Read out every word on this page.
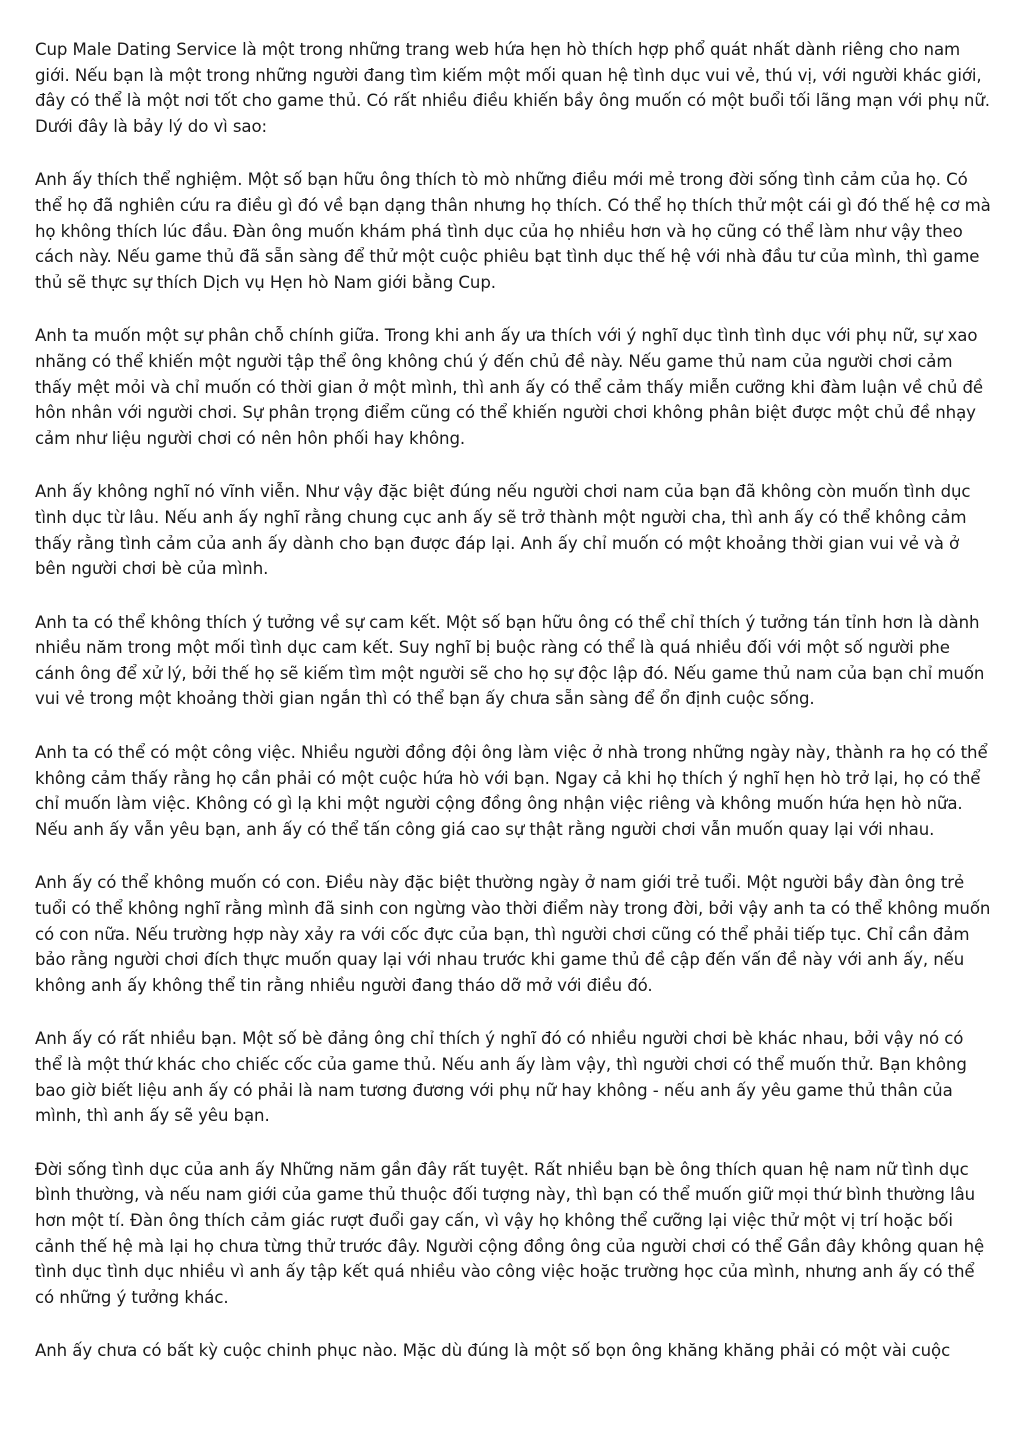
Cup Male Dating Service là một trong những trang web hứa hẹn hò thích hợp phổ quát nhất dành riêng cho nam giới. Nếu bạn là một trong những người đang tìm kiếm một mối quan hệ tình dục vui vẻ, thú vị, với người khác giới, đây có thể là một nơi tốt cho game thủ. Có rất nhiều điều khiến bầy ông muốn có một buổi tối lãng mạn với phụ nữ. Dưới đây là bảy lý do vì sao:

Anh ấy thích thể nghiệm. Một số bạn hữu ông thích tò mò những điều mới mẻ trong đời sống tình cảm của họ. Có thể họ đã nghiên cứu ra điều gì đó về bạn dạng thân nhưng họ thích. Có thể họ thích thử một cái gì đó thế hệ cơ mà họ không thích lúc đầu. Đàn ông muốn khám phá tình dục của họ nhiều hơn và họ cũng có thể làm như vậy theo cách này. Nếu game thủ đã sẵn sàng để thử một cuộc phiêu bạt tình dục thế hệ với nhà đầu tư của mình, thì game thủ sẽ thực sự thích Dịch vụ Hẹn hò Nam giới bằng Cup.

Anh ta muốn một sự phân chỗ chính giữa. Trong khi anh ấy ưa thích với ý nghĩ dục tình tình dục với phụ nữ, sự xao nhãng có thể khiến một người tập thể ông không chú ý đến chủ đề này. Nếu game thủ nam của người chơi cảm thấy mệt mỏi và chỉ muốn có thời gian ở một mình, thì anh ấy có thể cảm thấy miễn cưỡng khi đàm luận về chủ đề hôn nhân với người chơi. Sự phân trọng điểm cũng có thể khiến người chơi không phân biệt được một chủ đề nhạy cảm như liệu người chơi có nên hôn phối hay không.

Anh ấy không nghĩ nó vĩnh viễn. Như vậy đặc biệt đúng nếu người chơi nam của bạn đã không còn muốn tình dục tình dục từ lâu. Nếu anh ấy nghĩ rằng chung cục anh ấy sẽ trở thành một người cha, thì anh ấy có thể không cảm thấy rằng tình cảm của anh ấy dành cho bạn được đáp lại. Anh ấy chỉ muốn có một khoảng thời gian vui vẻ và ở bên người chơi bè của mình.

Anh ta có thể không thích ý tưởng về sự cam kết. Một số bạn hữu ông có thể chỉ thích ý tưởng tán tỉnh hơn là dành nhiều năm trong một mối tình dục cam kết. Suy nghĩ bị buộc ràng có thể là quá nhiều đối với một số người phe cánh ông để xử lý, bởi thế họ sẽ kiếm tìm một người sẽ cho họ sự độc lập đó. Nếu game thủ nam của bạn chỉ muốn vui vẻ trong một khoảng thời gian ngắn thì có thể bạn ấy chưa sẵn sàng để ổn định cuộc sống.

Anh ta có thể có một công việc. Nhiều người đồng đội ông làm việc ở nhà trong những ngày này, thành ra họ có thể không cảm thấy rằng họ cần phải có một cuộc hứa hò với bạn. Ngay cả khi họ thích ý nghĩ hẹn hò trở lại, họ có thể chỉ muốn làm việc. Không có gì lạ khi một người cộng đồng ông nhận việc riêng và không muốn hứa hẹn hò nữa. Nếu anh ấy vẫn yêu bạn, anh ấy có thể tấn công giá cao sự thật rằng người chơi vẫn muốn quay lại với nhau.

Anh ấy có thể không muốn có con. Điều này đặc biệt thường ngày ở nam giới trẻ tuổi. Một người bầy đàn ông trẻ tuổi có thể không nghĩ rằng mình đã sinh con ngừng vào thời điểm này trong đời, bởi vậy anh ta có thể không muốn có con nữa. Nếu trường hợp này xảy ra với cốc đực của bạn, thì người chơi cũng có thể phải tiếp tục. Chỉ cần đảm bảo rằng người chơi đích thực muốn quay lại với nhau trước khi game thủ đề cập đến vấn đề này với anh ấy, nếu không anh ấy không thể tin rằng nhiều người đang tháo dỡ mở với điều đó.

Anh ấy có rất nhiều bạn. Một số bè đảng ông chỉ thích ý nghĩ đó có nhiều người chơi bè khác nhau, bởi vậy nó có thể là một thứ khác cho chiếc cốc của game thủ. Nếu anh ấy làm vậy, thì người chơi có thể muốn thử. Bạn không bao giờ biết liệu anh ấy có phải là nam tương đương với phụ nữ hay không - nếu anh ấy yêu game thủ thân của mình, thì anh ấy sẽ yêu bạn.

Đời sống tình dục của anh ấy Những năm gần đây rất tuyệt. Rất nhiều bạn bè ông thích quan hệ nam nữ tình dục bình thường, và nếu nam giới của game thủ thuộc đối tượng này, thì bạn có thể muốn giữ mọi thứ bình thường lâu hơn một tí. Đàn ông thích cảm giác rượt đuổi gay cấn, vì vậy họ không thể cưỡng lại việc thử một vị trí hoặc bối cảnh thế hệ mà lại họ chưa từng thử trước đây. Người cộng đồng ông của người chơi có thể Gần đây không quan hệ tình dục tình dục nhiều vì anh ấy tập kết quá nhiều vào công việc hoặc trường học của mình, nhưng anh ấy có thể có những ý tưởng khác.

Anh ấy chưa có bất kỳ cuộc chinh phục nào. Mặc dù đúng là một số bọn ông khăng khăng phải có một vài cuộc
